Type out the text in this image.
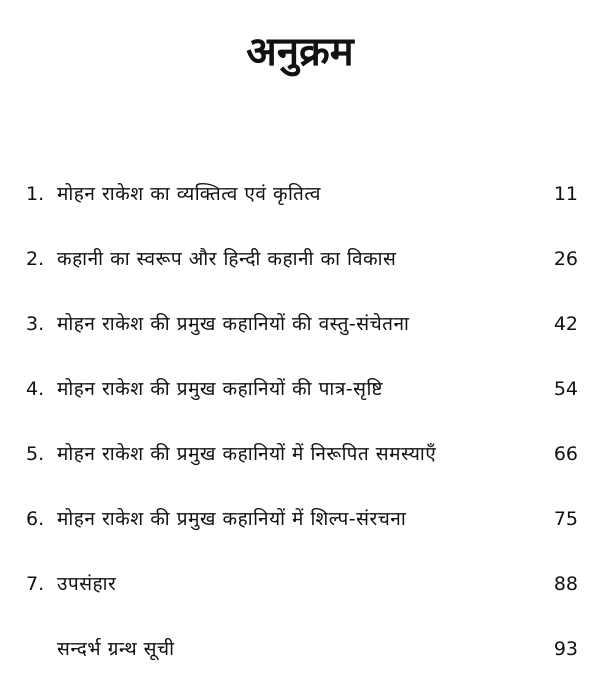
अनुक्रम
1. मोहन राकेश का व्यक्तित्व एवं कृतित्व	11
2. कहानी का स्वरूप और हिन्दी कहानी का विकास	26
3. मोहन राकेश की प्रमुख कहानियों की वस्तु-संचेतना	42
4. मोहन राकेश की प्रमुख कहानियों की पात्र-सृष्टि	54
5. मोहन राकेश की प्रमुख कहानियों में निरूपित समस्याएँ	66
6. मोहन राकेश की प्रमुख कहानियों में शिल्प-संरचना	75
7. उपसंहार	88
सन्दर्भ ग्रन्थ सूची	93
